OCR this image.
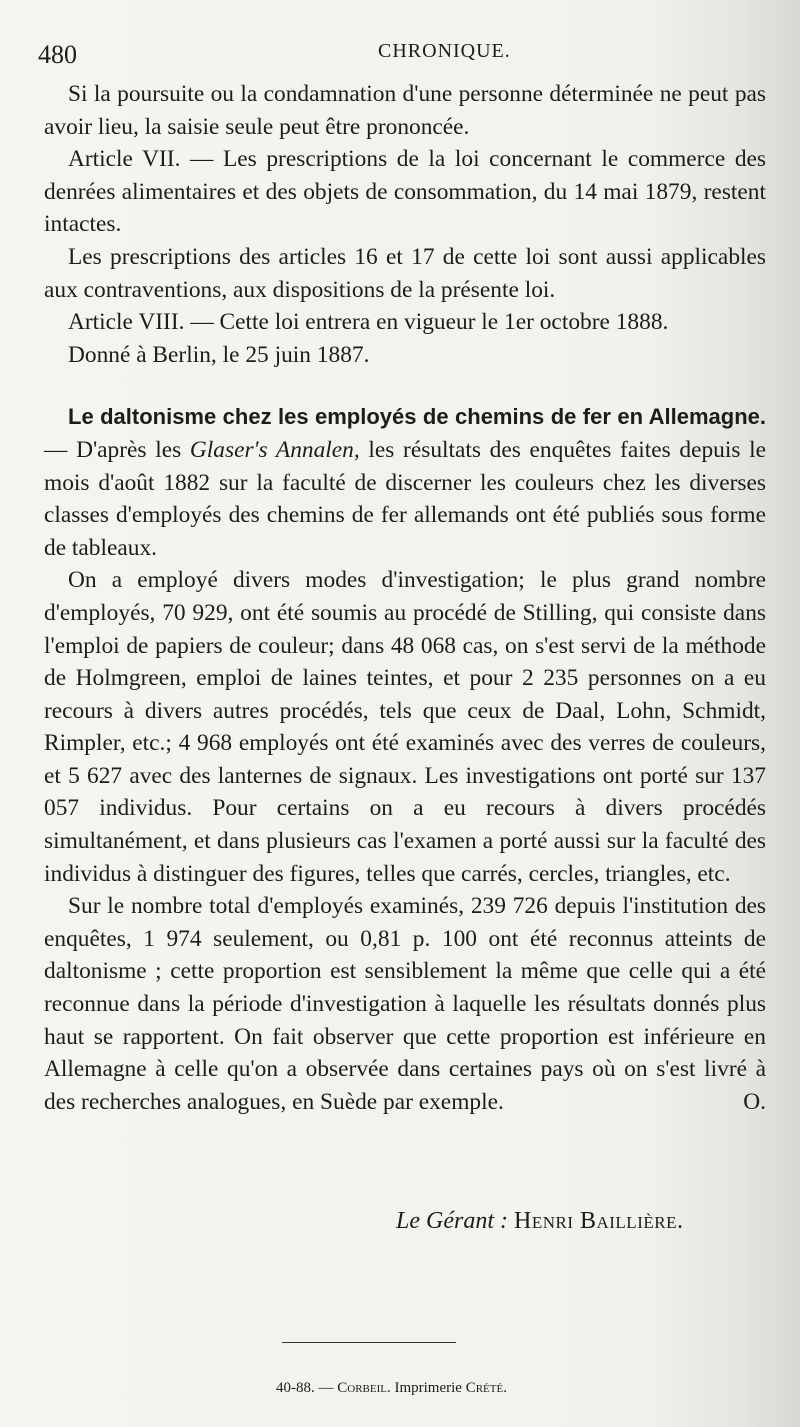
480	CHRONIQUE.

Si la poursuite ou la condamnation d'une personne déterminée ne peut pas avoir lieu, la saisie seule peut être prononcée.

Article VII. — Les prescriptions de la loi concernant le commerce des denrées alimentaires et des objets de consommation, du 14 mai 1879, restent intactes.

Les prescriptions des articles 16 et 17 de cette loi sont aussi applicables aux contraventions, aux dispositions de la présente loi.

Article VIII. — Cette loi entrera en vigueur le 1er octobre 1888.

Donné à Berlin, le 25 juin 1887.

Le daltonisme chez les employés de chemins de fer en Allemagne. — D'après les Glaser's Annalen, les résultats des enquêtes faites depuis le mois d'août 1882 sur la faculté de discerner les couleurs chez les diverses classes d'employés des chemins de fer allemands ont été publiés sous forme de tableaux.

On a employé divers modes d'investigation; le plus grand nombre d'employés, 70 929, ont été soumis au procédé de Stilling, qui consiste dans l'emploi de papiers de couleur; dans 48 068 cas, on s'est servi de la méthode de Holmgreen, emploi de laines teintes, et pour 2 235 personnes on a eu recours à divers autres procédés, tels que ceux de Daal, Lohn, Schmidt, Rimpler, etc.; 4 968 employés ont été examinés avec des verres de couleurs, et 5 627 avec des lanternes de signaux. Les investigations ont porté sur 137 057 individus. Pour certains on a eu recours à divers procédés simultanément, et dans plusieurs cas l'examen a porté aussi sur la faculté des individus à distinguer des figures, telles que carrés, cercles, triangles, etc.

Sur le nombre total d'employés examinés, 239 726 depuis l'institution des enquêtes, 1 974 seulement, ou 0,81 p. 100 ont été reconnus atteints de daltonisme ; cette proportion est sensiblement la même que celle qui a été reconnue dans la période d'investigation à laquelle les résultats donnés plus haut se rapportent. On fait observer que cette proportion est inférieure en Allemagne à celle qu'on a observée dans certaines pays où on s'est livré à des recherches analogues, en Suède par exemple.	O.

Le Gérant : Henri Baillière.
40-88. — Corbeil. Imprimerie Crété.
